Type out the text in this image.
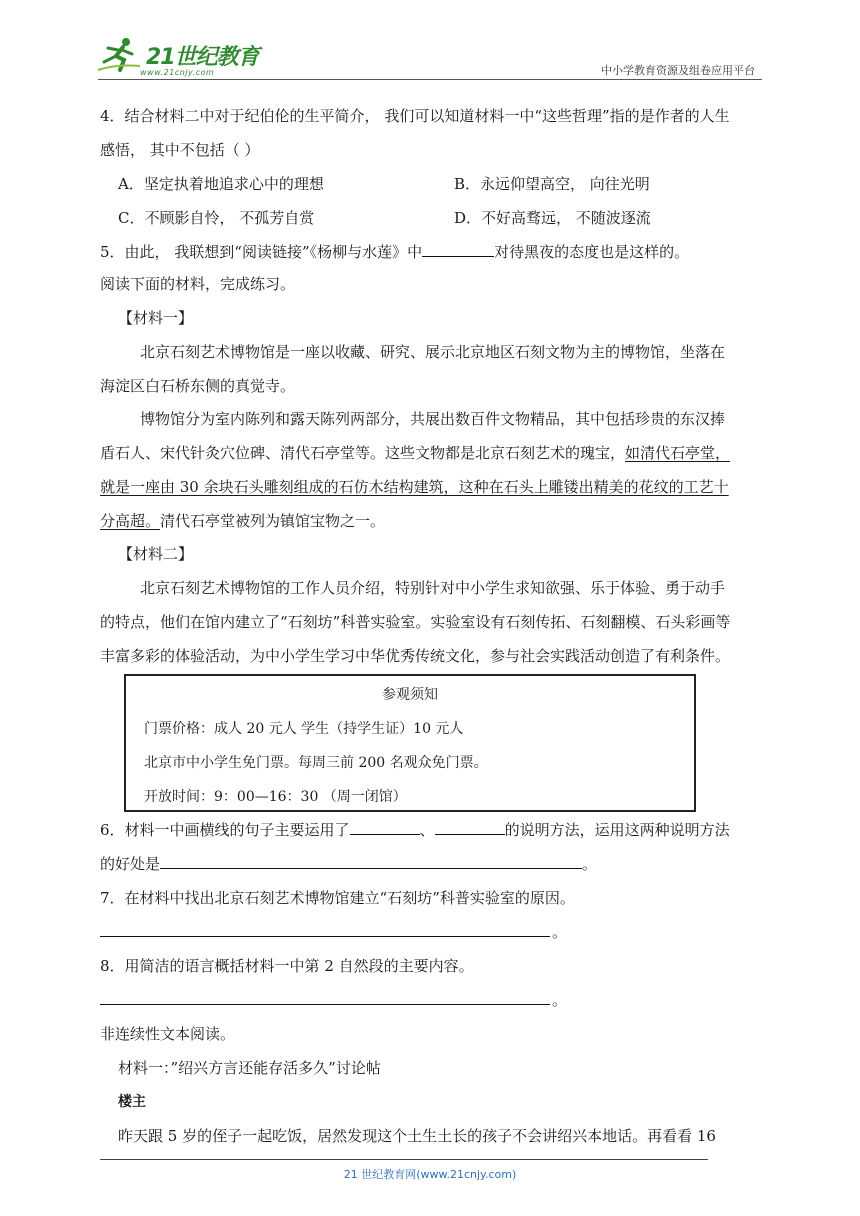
21世纪教育
www.21cnjy.com	中小学教育资源及组卷应用平台
4．结合材料二中对于纪伯伦的生平简介， 我们可以知道材料一中“这些哲理”指的是作者的人生
感悟， 其中不包括（ ）
A．坚定执着地追求心中的理想	B．永远仰望高空， 向往光明
C．不顾影自怜， 不孤芳自赏	D．不好高骛远， 不随波逐流
5．由此， 我联想到“阅读链接”《杨柳与水莲》中	对待黑夜的态度也是这样的。
阅读下面的材料，完成练习。
【材料一】
北京石刻艺术博物馆是一座以收藏、研究、展示北京地区石刻文物为主的博物馆，坐落在
海淀区白石桥东侧的真觉寺。
博物馆分为室内陈列和露天陈列两部分，共展出数百件文物精品，其中包括珍贵的东汉捧
盾石人、宋代针灸穴位碑、清代石亭堂等。这些文物都是北京石刻艺术的瑰宝，如清代石亭堂，
就是一座由 30 余块石头雕刻组成的石仿木结构建筑，这种在石头上雕镂出精美的花纹的工艺十
分高超。清代石亭堂被列为镇馆宝物之一。
【材料二】
北京石刻艺术博物馆的工作人员介绍，特别针对中小学生求知欲强、乐于体验、勇于动手
的特点，他们在馆内建立了“石刻坊”科普实验室。实验室设有石刻传拓、石刻翻模、石头彩画等
丰富多彩的体验活动，为中小学生学习中华优秀传统文化，参与社会实践活动创造了有利条件。
参观须知
门票价格：成人 20 元人 学生（持学生证）10 元人
北京市中小学生免门票。每周三前 200 名观众免门票。
开放时间：9：00—16：30 （周一闭馆）
6．材料一中画横线的句子主要运用了	、	的说明方法，运用这两种说明方法
的好处是	。
7．在材料中找出北京石刻艺术博物馆建立“石刻坊”科普实验室的原因。
。
8．用简洁的语言概括材料一中第 2 自然段的主要内容。
。
非连续性文本阅读。
材料一：”绍兴方言还能存活多久”讨论帖
楼主
昨天跟 5 岁的侄子一起吃饭，居然发现这个土生土长的孩子不会讲绍兴本地话。再看看 16
21 世纪教育网(www.21cnjy.com)
